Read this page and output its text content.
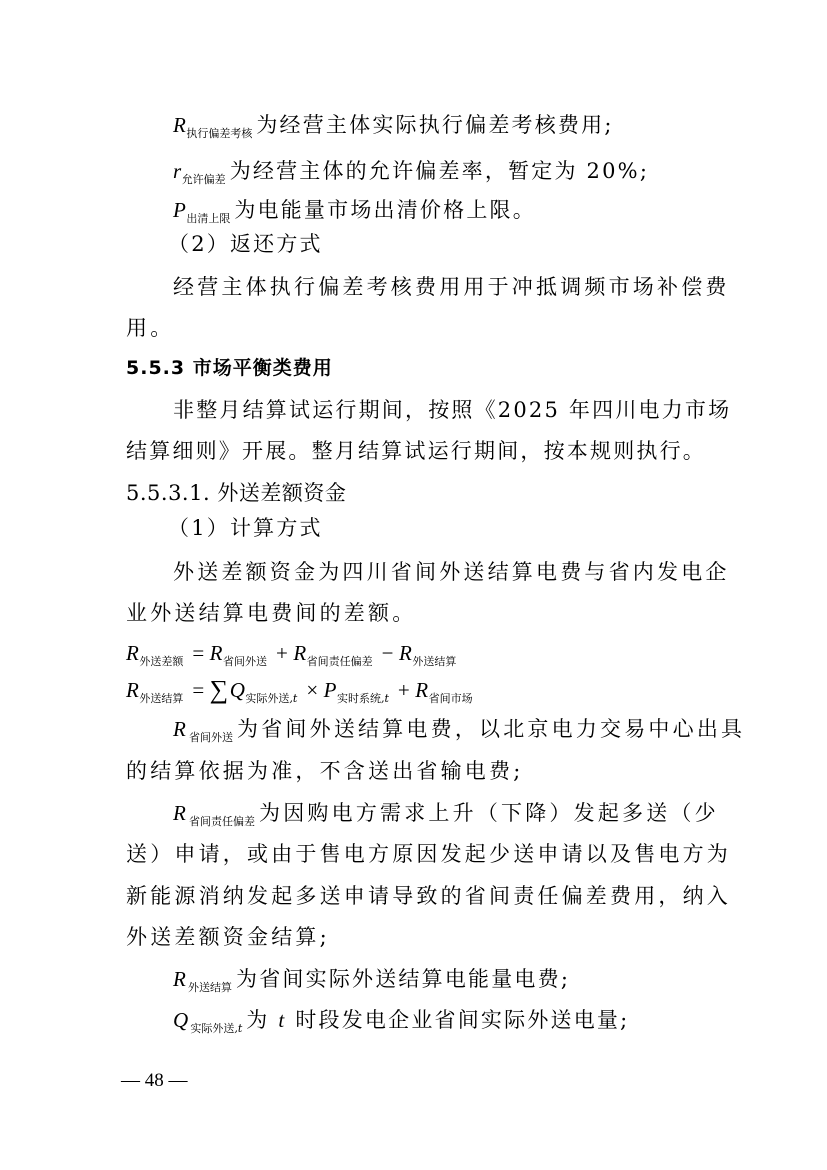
$R_{执行偏差考核}$ 为经营主体实际执行偏差考核费用;
$r_{允许偏差}$ 为经营主体的允许偏差率，暂定为 20%;
$P_{出清上限}$ 为电能量市场出清价格上限。
（2）返还方式
经营主体执行偏差考核费用用于冲抵调频市场补偿费
用。
5.5.3 市场平衡类费用
非整月结算试运行期间，按照《2025 年四川电力市场
结算细则》开展。整月结算试运行期间，按本规则执行。
5.5.3.1. 外送差额资金
（1）计算方式
外送差额资金为四川省间外送结算电费与省内发电企
业外送结算电费间的差额。
$R_{外送差额} = R_{省间外送} + R_{省间责任偏差} - R_{外送结算}$
$R_{外送结算} = \sum Q_{实际外送,t} \times P_{实时系统,t} + R_{省间市场}$
$R_{省间外送}$ 为省间外送结算电费，以北京电力交易中心出具
的结算依据为准，不含送出省输电费;
$R_{省间责任偏差}$ 为因购电方需求上升（下降）发起多送（少
送）申请，或由于售电方原因发起少送申请以及售电方为
新能源消纳发起多送申请导致的省间责任偏差费用，纳入
外送差额资金结算;
$R_{外送结算}$ 为省间实际外送结算电能量电费;
$Q_{实际外送,t}$ 为 t 时段发电企业省间实际外送电量;
— 48 —
